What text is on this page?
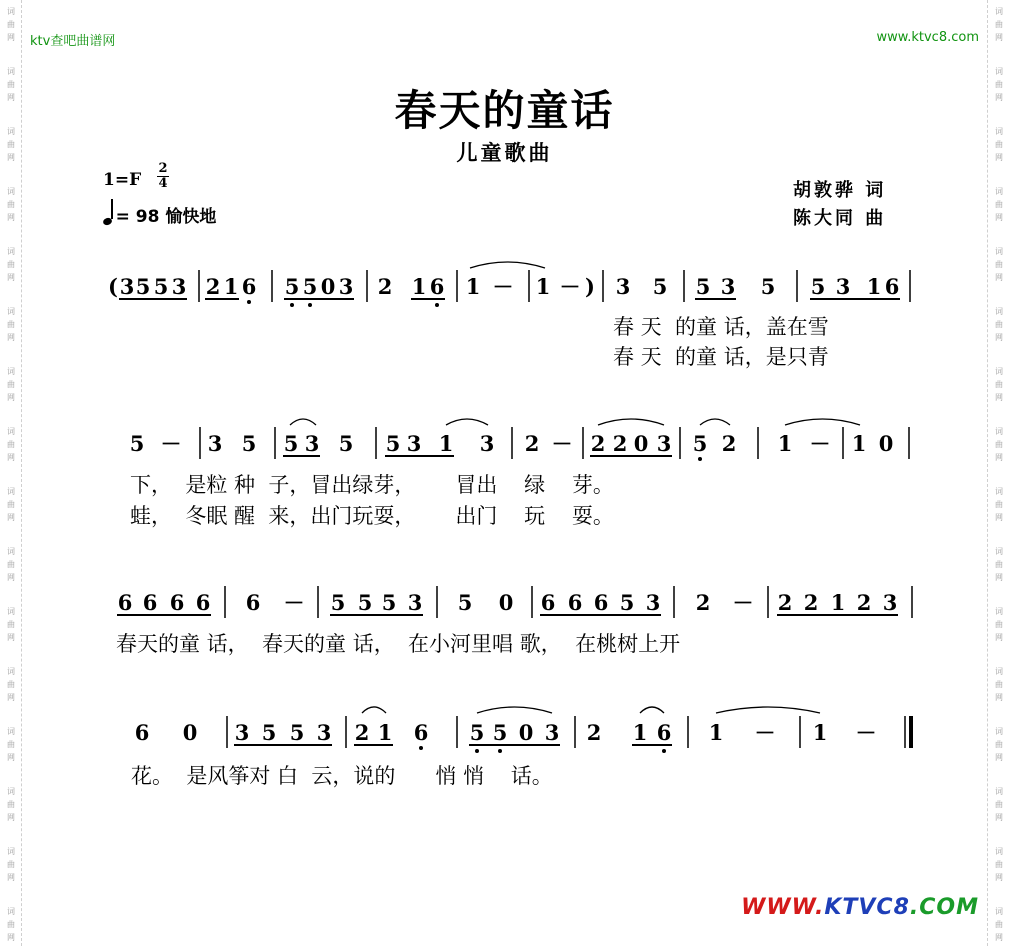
词
曲
网
词
曲
网
词
曲
网
词
曲
网
词
曲
网
词
曲
网
词
曲
网
词
曲
网
词
曲
网
词
曲
网
词
曲
网
词
曲
网
词
曲
网
词
曲
网
词
曲
网
词
曲
网
词
曲
网
词
曲
网
词
曲
网
词
曲
网
词
曲
网
词
曲
网
词
曲
网
词
曲
网
词
曲
网
词
曲
网
词
曲
网
词
曲
网
词
曲
网
词
曲
网
词
曲
网
词
曲
网
ktv查吧曲谱网	www.ktvc8.com
春天的童话
儿童歌曲
1=F
2
4
= 98 愉快地
胡敦骅 词
陈大同 曲
( 3 5 5 3 2 1 6 5 5 0 3 2 1 6 1 － 1 － ) 3 5 5 3 5 5 3 1 6
5 － 3 5 5 3 5 5 3 1 3 2 － 2 2 0 3 5 2 1 － 1 0
6 6 6 6 6 － 5 5 5 3 5 0 6 6 6 5 3 2 － 2 2 1 2 3
6 0 3 5 5 3 2 1 6 5 5 0 3 2 1 6 1 － 1 －
春 天  的童 话，盖在雪
春 天  的童 话，是只青
下，  是粒 种  子，冒出绿芽，      冒出    绿    芽。
蛙，  冬眠 醒  来，出门玩耍，      出门    玩    耍。
春天的童 话，  春天的童 话，  在小河里唱 歌，  在桃树上开
花。  是风筝对 白  云，说的      悄 悄    话。
WWW.KTVC8.COM
